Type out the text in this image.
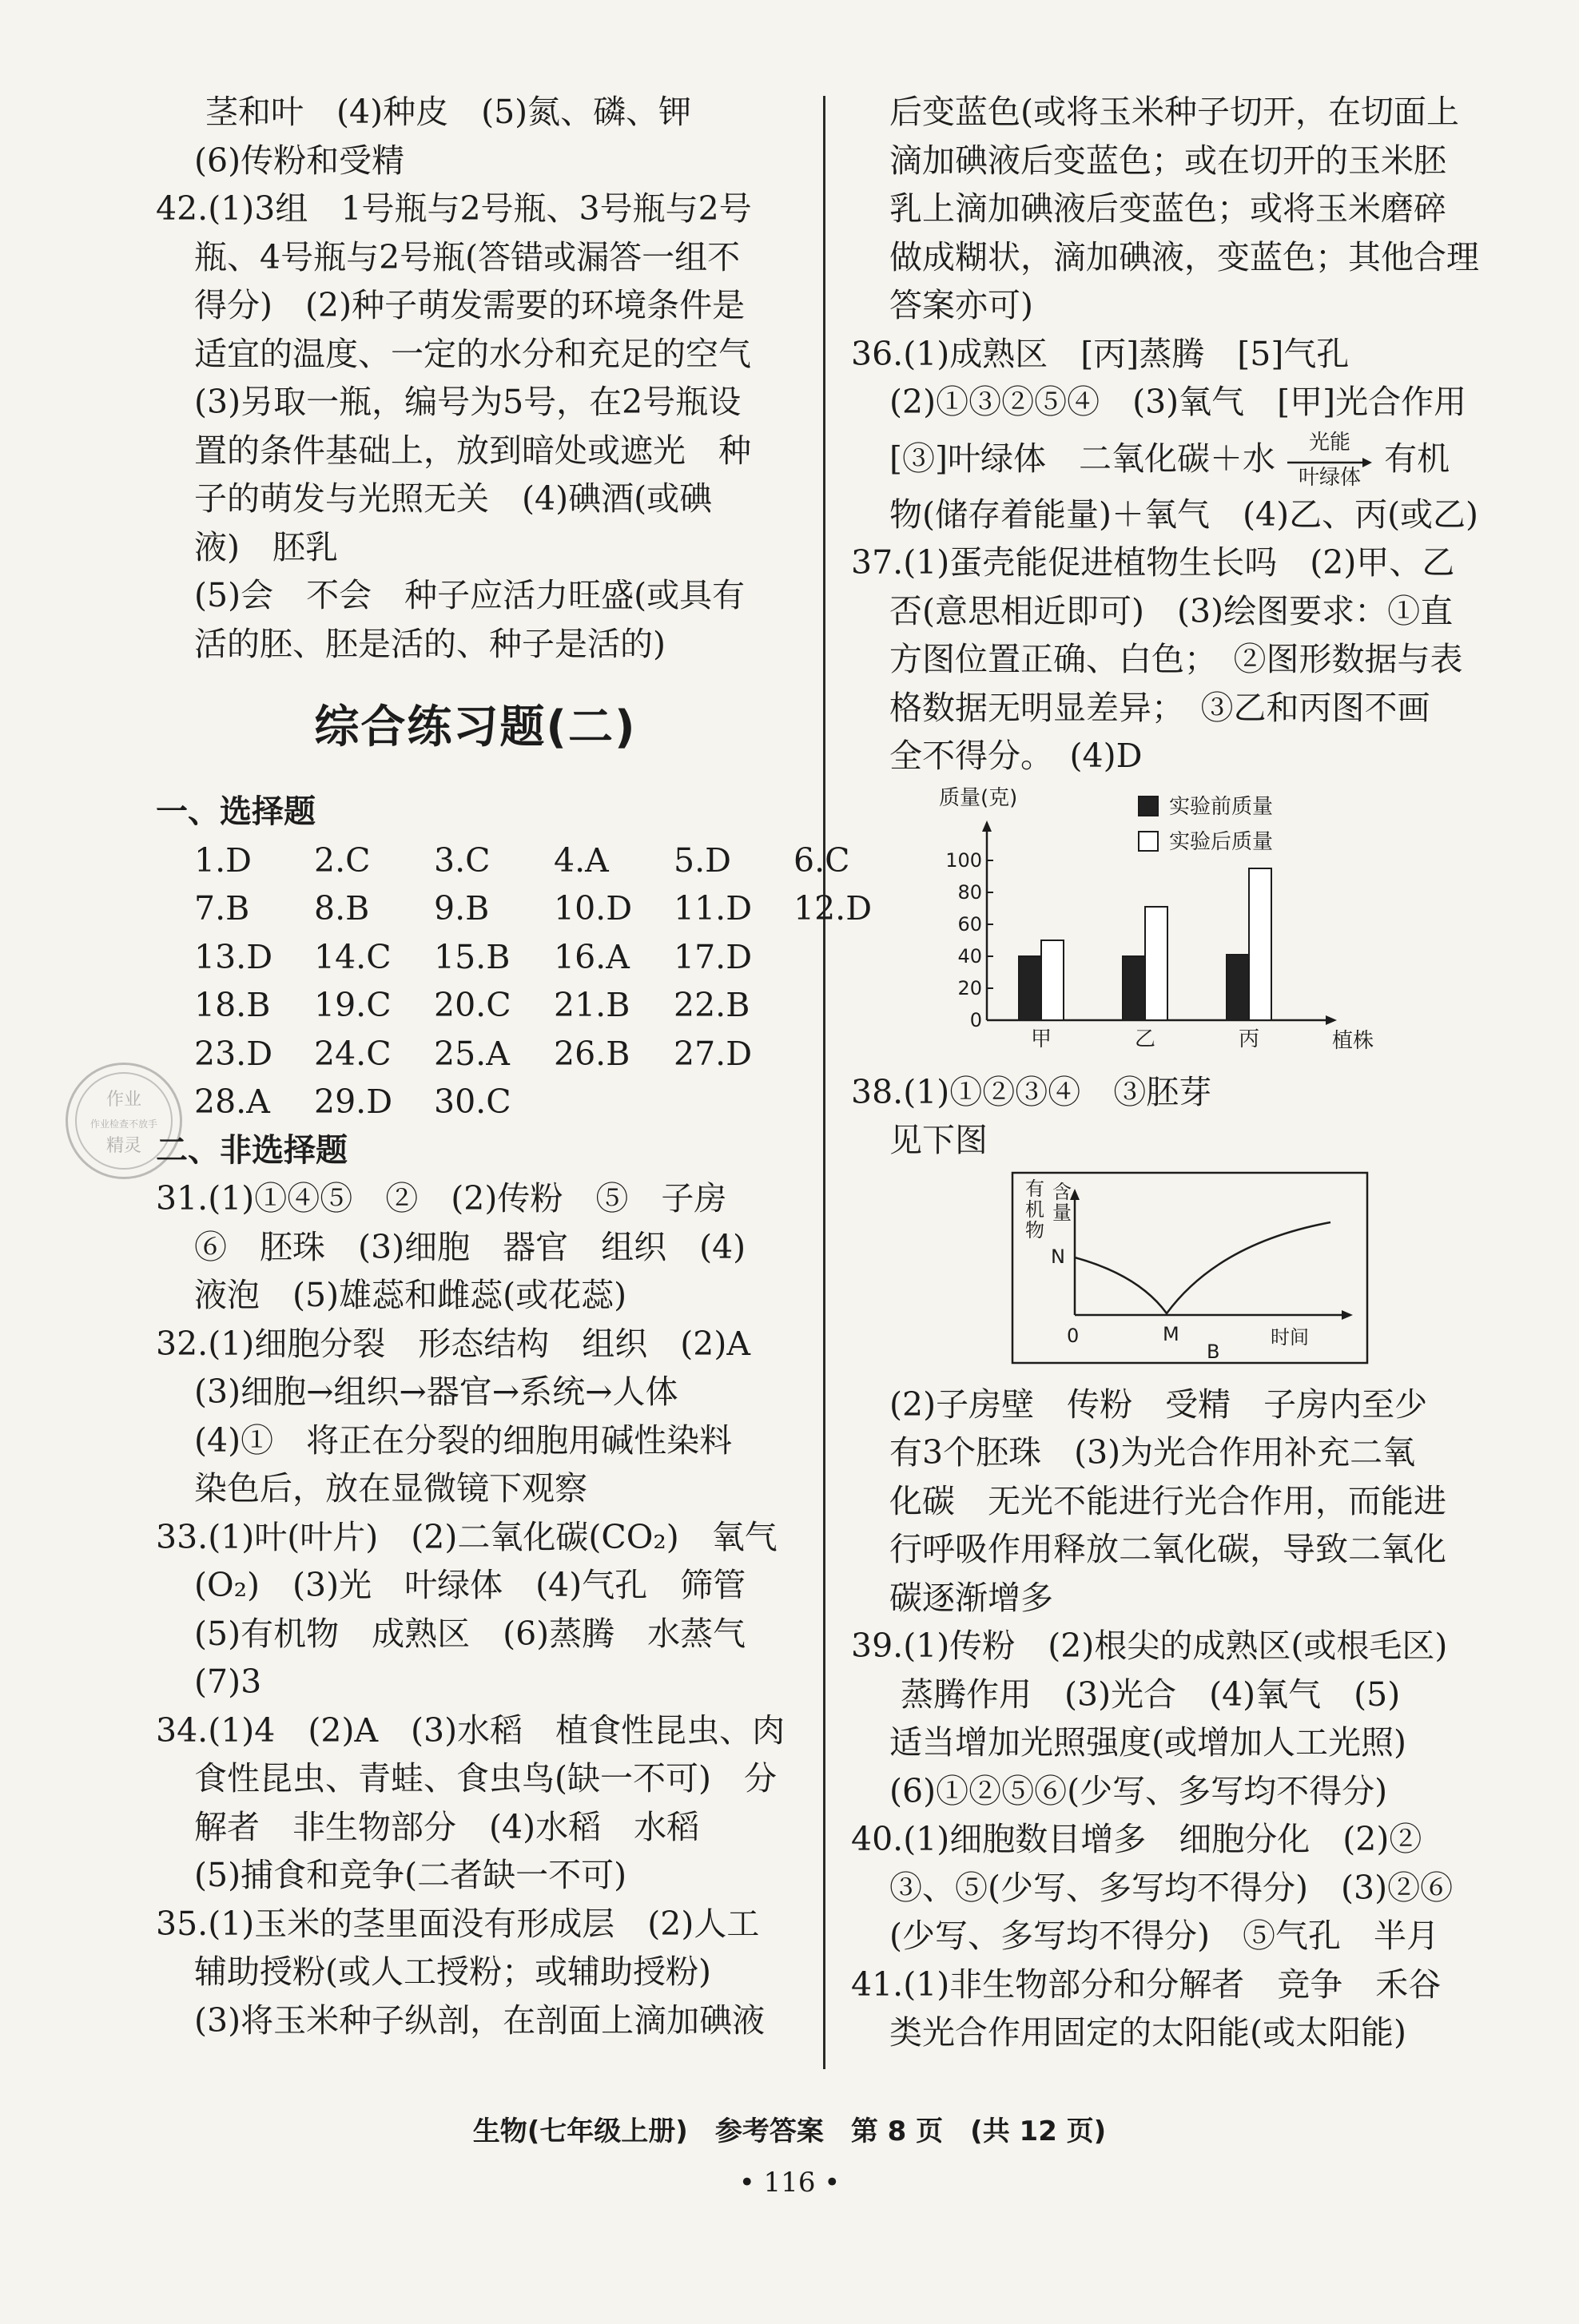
作业
作业检查不放手
精灵
茎和叶　(4)种皮　(5)氮、磷、钾
(6)传粉和受精
42.(1)3组　1号瓶与2号瓶、3号瓶与2号
瓶、4号瓶与2号瓶(答错或漏答一组不
得分)　(2)种子萌发需要的环境条件是
适宜的温度、一定的水分和充足的空气
(3)另取一瓶，编号为5号，在2号瓶设
置的条件基础上，放到暗处或遮光　种
子的萌发与光照无关　(4)碘酒(或碘
液)　胚乳
(5)会　不会　种子应活力旺盛(或具有
活的胚、胚是活的、种子是活的)
综合练习题(二)
一、选择题
1.D 2.C 3.C 4.A 5.D 6.C
7.B 8.B 9.B 10.D 11.D 12.D
13.D 14.C 15.B 16.A 17.D
18.B 19.C 20.C 21.B 22.B
23.D 24.C 25.A 26.B 27.D
28.A 29.D 30.C
二、非选择题
31.(1)①④⑤　②　(2)传粉　⑤　子房
⑥　胚珠　(3)细胞　器官　组织　(4)
液泡　(5)雄蕊和雌蕊(或花蕊)
32.(1)细胞分裂　形态结构　组织　(2)A
(3)细胞→组织→器官→系统→人体
(4)①　将正在分裂的细胞用碱性染料
染色后，放在显微镜下观察
33.(1)叶(叶片)　(2)二氧化碳(CO₂)　氧气
(O₂)　(3)光　叶绿体　(4)气孔　筛管
(5)有机物　成熟区　(6)蒸腾　水蒸气
(7)3
34.(1)4　(2)A　(3)水稻　植食性昆虫、肉
食性昆虫、青蛙、食虫鸟(缺一不可)　分
解者　非生物部分　(4)水稻　水稻
(5)捕食和竞争(二者缺一不可)
35.(1)玉米的茎里面没有形成层　(2)人工
辅助授粉(或人工授粉；或辅助授粉)
(3)将玉米种子纵剖，在剖面上滴加碘液
后变蓝色(或将玉米种子切开，在切面上
滴加碘液后变蓝色；或在切开的玉米胚
乳上滴加碘液后变蓝色；或将玉米磨碎
做成糊状，滴加碘液，变蓝色；其他合理
答案亦可)
36.(1)成熟区　[丙]蒸腾　[5]气孔
(2)①③②⑤④　(3)氧气　[甲]光合作用
[③]叶绿体　二氧化碳＋水	光能
叶绿体
有机
物(储存着能量)＋氧气　(4)乙、丙(或乙)
37.(1)蛋壳能促进植物生长吗　(2)甲、乙
否(意思相近即可)　(3)绘图要求：①直
方图位置正确、白色；　②图形数据与表
格数据无明显差异；　③乙和丙图不画
全不得分。　(4)D
质量(克)
0
20
40
60
80
100
甲	乙	丙	植株
实验前质量
实验后质量
38.(1)①②③④　③胚芽
见下图
有
机
物
含
量
N
0	M
B
时间
(2)子房壁　传粉　受精　子房内至少
有3个胚珠　(3)为光合作用补充二氧
化碳　无光不能进行光合作用，而能进
行呼吸作用释放二氧化碳，导致二氧化
碳逐渐增多
39.(1)传粉　(2)根尖的成熟区(或根毛区)
蒸腾作用　(3)光合　(4)氧气　(5)
适当增加光照强度(或增加人工光照)
(6)①②⑤⑥(少写、多写均不得分)
40.(1)细胞数目增多　细胞分化　(2)②
③、⑤(少写、多写均不得分)　(3)②⑥
(少写、多写均不得分)　⑤气孔　半月
41.(1)非生物部分和分解者　竞争　禾谷
类光合作用固定的太阳能(或太阳能)
生物(七年级上册)　参考答案　第 8 页　(共 12 页)
• 116 •
